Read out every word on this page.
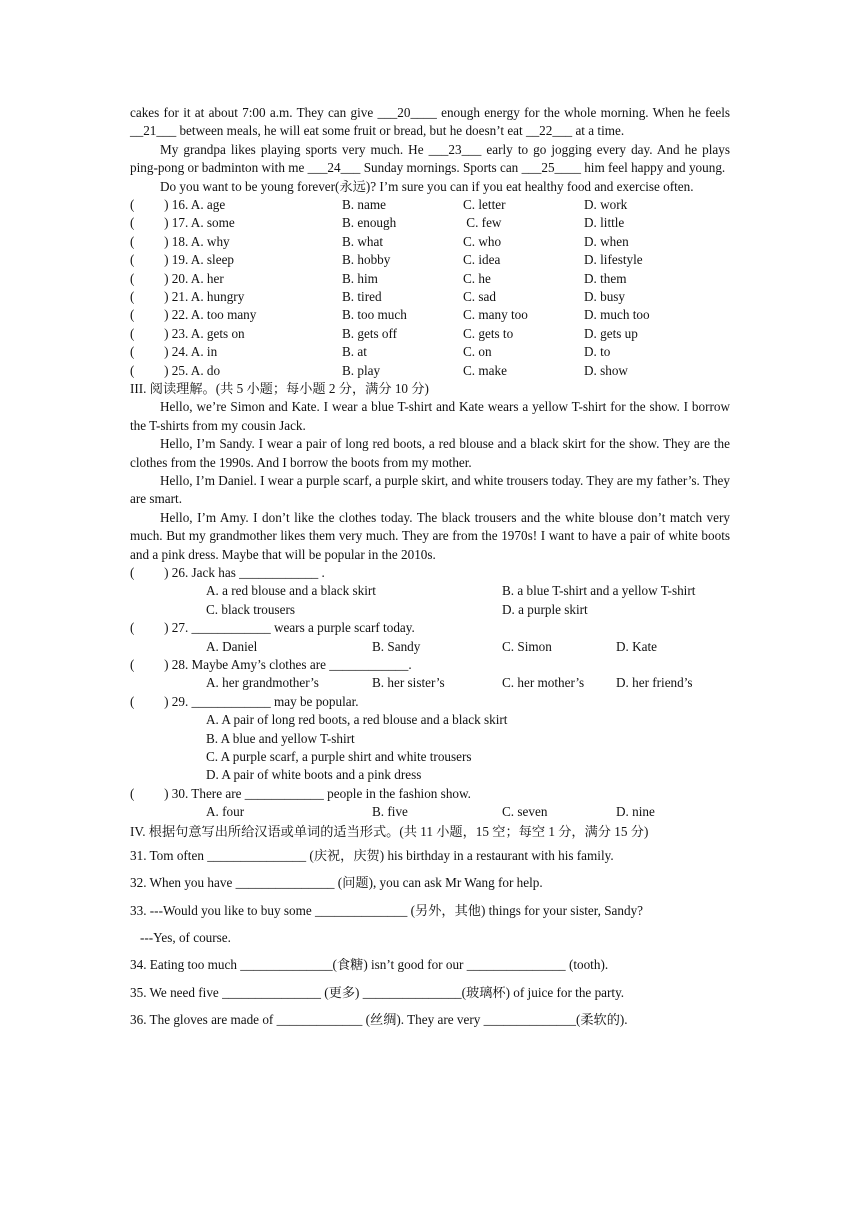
cakes for it at about 7:00 a.m. They can give ___20____ enough energy for the whole morning. When he feels __21___ between meals, he will eat some fruit or bread, but he doesn’t eat __22___ at a time.

My grandpa likes playing sports very much. He ___23___ early to go jogging every day. And he plays ping-pong or badminton with me ___24___ Sunday mornings. Sports can ___25____ him feel happy and young.

Do you want to be young forever(永远)? I’m sure you can if you eat healthy food and exercise often.

(　　 ) 16. A. age	B. name	C. letter	D. work
(　　 ) 17. A. some	B. enough	C. few	D. little
(　　 ) 18. A. why	B. what	C. who	D. when
(　　 ) 19. A. sleep	B. hobby	C. idea	D. lifestyle
(　　 ) 20. A. her	B. him	C. he	D. them
(　　 ) 21. A. hungry	B. tired	C. sad	D. busy
(　　 ) 22. A. too many	B. too much	C. many too	D. much too
(　　 ) 23. A. gets on	B. gets off	C. gets to	D. gets up
(　　 ) 24. A. in	B. at	C. on	D. to
(　　 ) 25. A. do	B. play	C. make	D. show

III. 阅读理解。(共 5 小题；每小题 2 分，满分 10 分)

Hello, we’re Simon and Kate. I wear a blue T-shirt and Kate wears a yellow T-shirt for the show. I borrow the T-shirts from my cousin Jack.

Hello, I’m Sandy. I wear a pair of long red boots, a red blouse and a black skirt for the show. They are the clothes from the 1990s. And I borrow the boots from my mother.

Hello, I’m Daniel. I wear a purple scarf, a purple skirt, and white trousers today. They are my father’s. They are smart.

Hello, I’m Amy. I don’t like the clothes today. The black trousers and the white blouse don’t match very much. But my grandmother likes them very much. They are from the 1970s! I want to have a pair of white boots and a pink dress. Maybe that will be popular in the 2010s.

(　　 ) 26. Jack has ____________ .
A. a red blouse and a black skirt	B. a blue T-shirt and a yellow T-shirt
C. black trousers	D. a purple skirt
(　　 ) 27. ____________ wears a purple scarf today.
A. Daniel	B. Sandy	C. Simon	D. Kate
(　　 ) 28. Maybe Amy’s clothes are ____________.
A. her grandmother’s	B. her sister’s	C. her mother’s	D. her friend’s
(　　 ) 29. ____________ may be popular.
A. A pair of long red boots, a red blouse and a black skirt
B. A blue and yellow T-shirt
C. A purple scarf, a purple shirt and white trousers
D. A pair of white boots and a pink dress
(　　 ) 30. There are ____________ people in the fashion show.
A. four	B. five	C. seven	D. nine

IV. 根据句意写出所给汉语或单词的适当形式。(共 11 小题，15 空；每空 1 分，满分 15 分)

31. Tom often _______________ (庆祝，庆贺) his birthday in a restaurant with his family.
32. When you have _______________ (问题), you can ask Mr Wang for help.
33. ---Would you like to buy some ______________ (另外，其他) things for your sister, Sandy?
---Yes, of course.
34. Eating too much ______________(食糖) isn’t good for our _______________ (tooth).
35. We need five _______________ (更多) _______________(玻璃杯) of juice for the party.
36. The gloves are made of _____________ (丝绸). They are very ______________(柔软的).
